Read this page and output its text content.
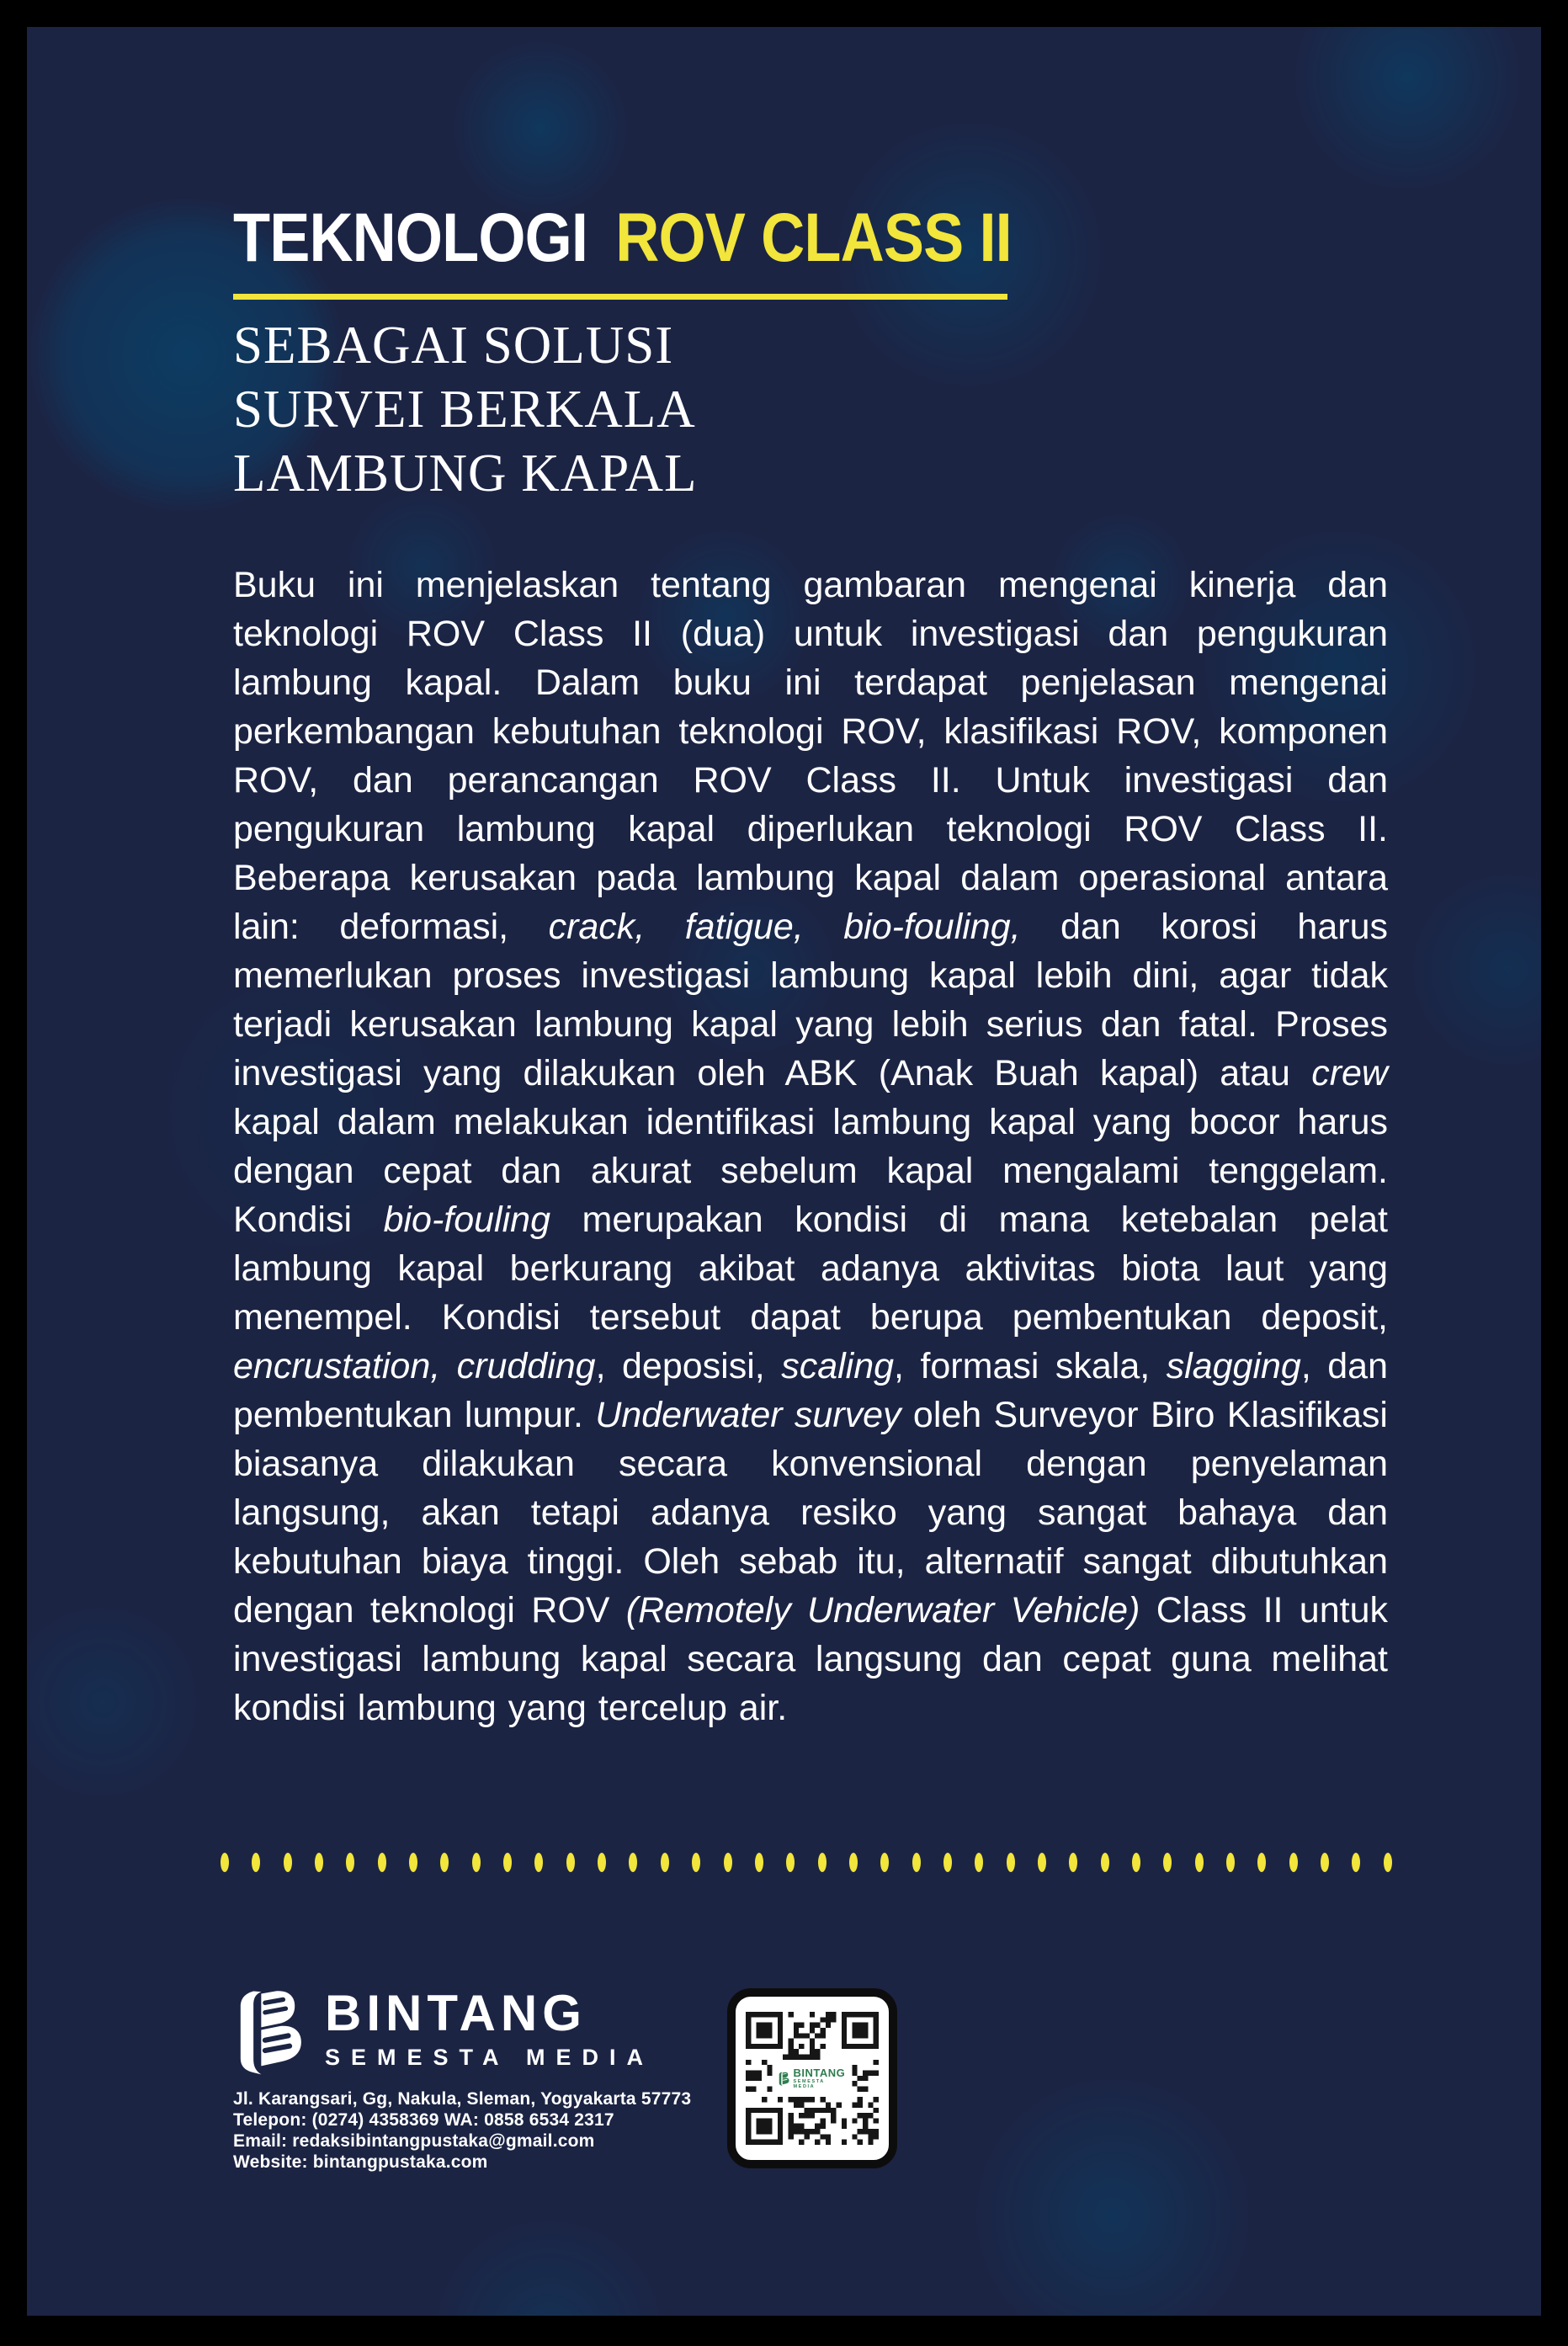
TEKNOLOGI ROV CLASS II
SEBAGAI SOLUSI
SURVEI BERKALA
LAMBUNG KAPAL
Buku ini menjelaskan tentang gambaran mengenai kinerja dan teknologi ROV Class II (dua) untuk investigasi dan pengukuran lambung kapal. Dalam buku ini terdapat penjelasan mengenai perkembangan kebutuhan teknologi ROV, klasifikasi ROV, komponen ROV, dan perancangan ROV Class II. Untuk investigasi dan pengukuran lambung kapal diperlukan teknologi ROV Class II. Beberapa kerusakan pada lambung kapal dalam operasional antara lain: deformasi, crack, fatigue, bio-fouling, dan korosi harus memerlukan proses investigasi lambung kapal lebih dini, agar tidak terjadi kerusakan lambung kapal yang lebih serius dan fatal. Proses investigasi yang dilakukan oleh ABK (Anak Buah kapal) atau crew kapal dalam melakukan identifikasi lambung kapal yang bocor harus dengan cepat dan akurat sebelum kapal mengalami tenggelam. Kondisi bio-fouling merupakan kondisi di mana ketebalan pelat lambung kapal berkurang akibat adanya aktivitas biota laut yang menempel. Kondisi tersebut dapat berupa pembentukan deposit, encrustation, crudding, deposisi, scaling, formasi skala, slagging, dan pembentukan lumpur. Underwater survey oleh Surveyor Biro Klasifikasi biasanya dilakukan secara konvensional dengan penyelaman langsung, akan tetapi adanya resiko yang sangat bahaya dan kebutuhan biaya tinggi. Oleh sebab itu, alternatif sangat dibutuhkan dengan teknologi ROV (Remotely Underwater Vehicle) Class II untuk investigasi lambung kapal secara langsung dan cepat guna melihat kondisi lambung yang tercelup air.
BINTANG
SEMESTA MEDIA
Jl. Karangsari, Gg, Nakula, Sleman, Yogyakarta 57773
Telepon: (0274) 4358369 WA: 0858 6534 2317
Email: redaksibintangpustaka@gmail.com
Website: bintangpustaka.com
BINTANG
SEMESTA MEDIA
